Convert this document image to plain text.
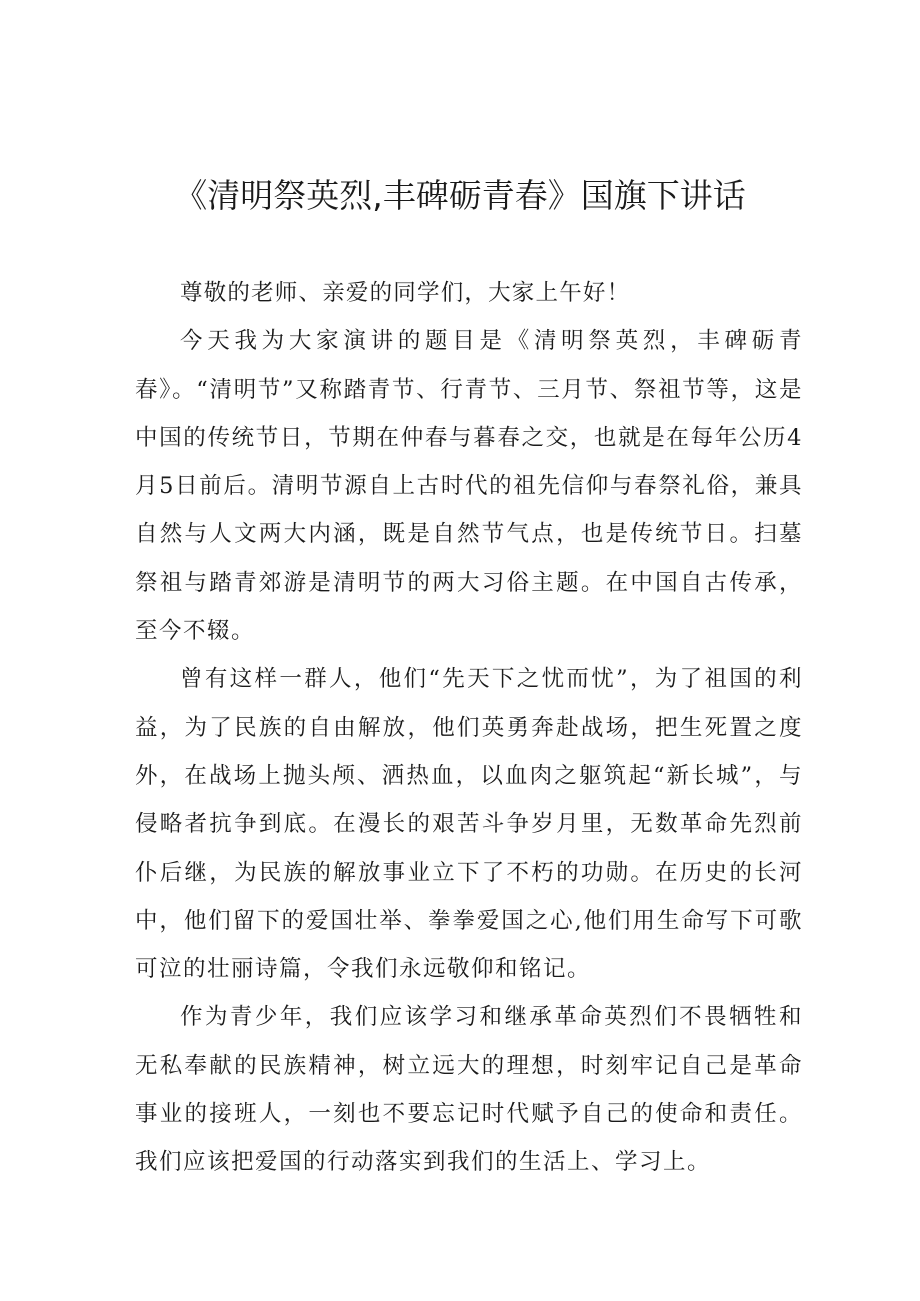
《清明祭英烈,丰碑砺青春》国旗下讲话

尊敬的老师、亲爱的同学们，大家上午好！

今天我为大家演讲的题目是《清明祭英烈，丰碑砺青春》。“清明节”又称踏青节、行青节、三月节、祭祖节等，这是中国的传统节日，节期在仲春与暮春之交，也就是在每年公历4月5日前后。清明节源自上古时代的祖先信仰与春祭礼俗，兼具自然与人文两大内涵，既是自然节气点，也是传统节日。扫墓祭祖与踏青郊游是清明节的两大习俗主题。在中国自古传承，至今不辍。

曾有这样一群人，他们“先天下之忧而忧”，为了祖国的利益，为了民族的自由解放，他们英勇奔赴战场，把生死置之度外，在战场上抛头颅、洒热血，以血肉之躯筑起“新长城”，与侵略者抗争到底。在漫长的艰苦斗争岁月里，无数革命先烈前仆后继，为民族的解放事业立下了不朽的功勋。在历史的长河中，他们留下的爱国壮举、拳拳爱国之心,他们用生命写下可歌可泣的壮丽诗篇，令我们永远敬仰和铭记。

作为青少年，我们应该学习和继承革命英烈们不畏牺牲和无私奉献的民族精神，树立远大的理想，时刻牢记自己是革命事业的接班人，一刻也不要忘记时代赋予自己的使命和责任。我们应该把爱国的行动落实到我们的生活上、学习上。
